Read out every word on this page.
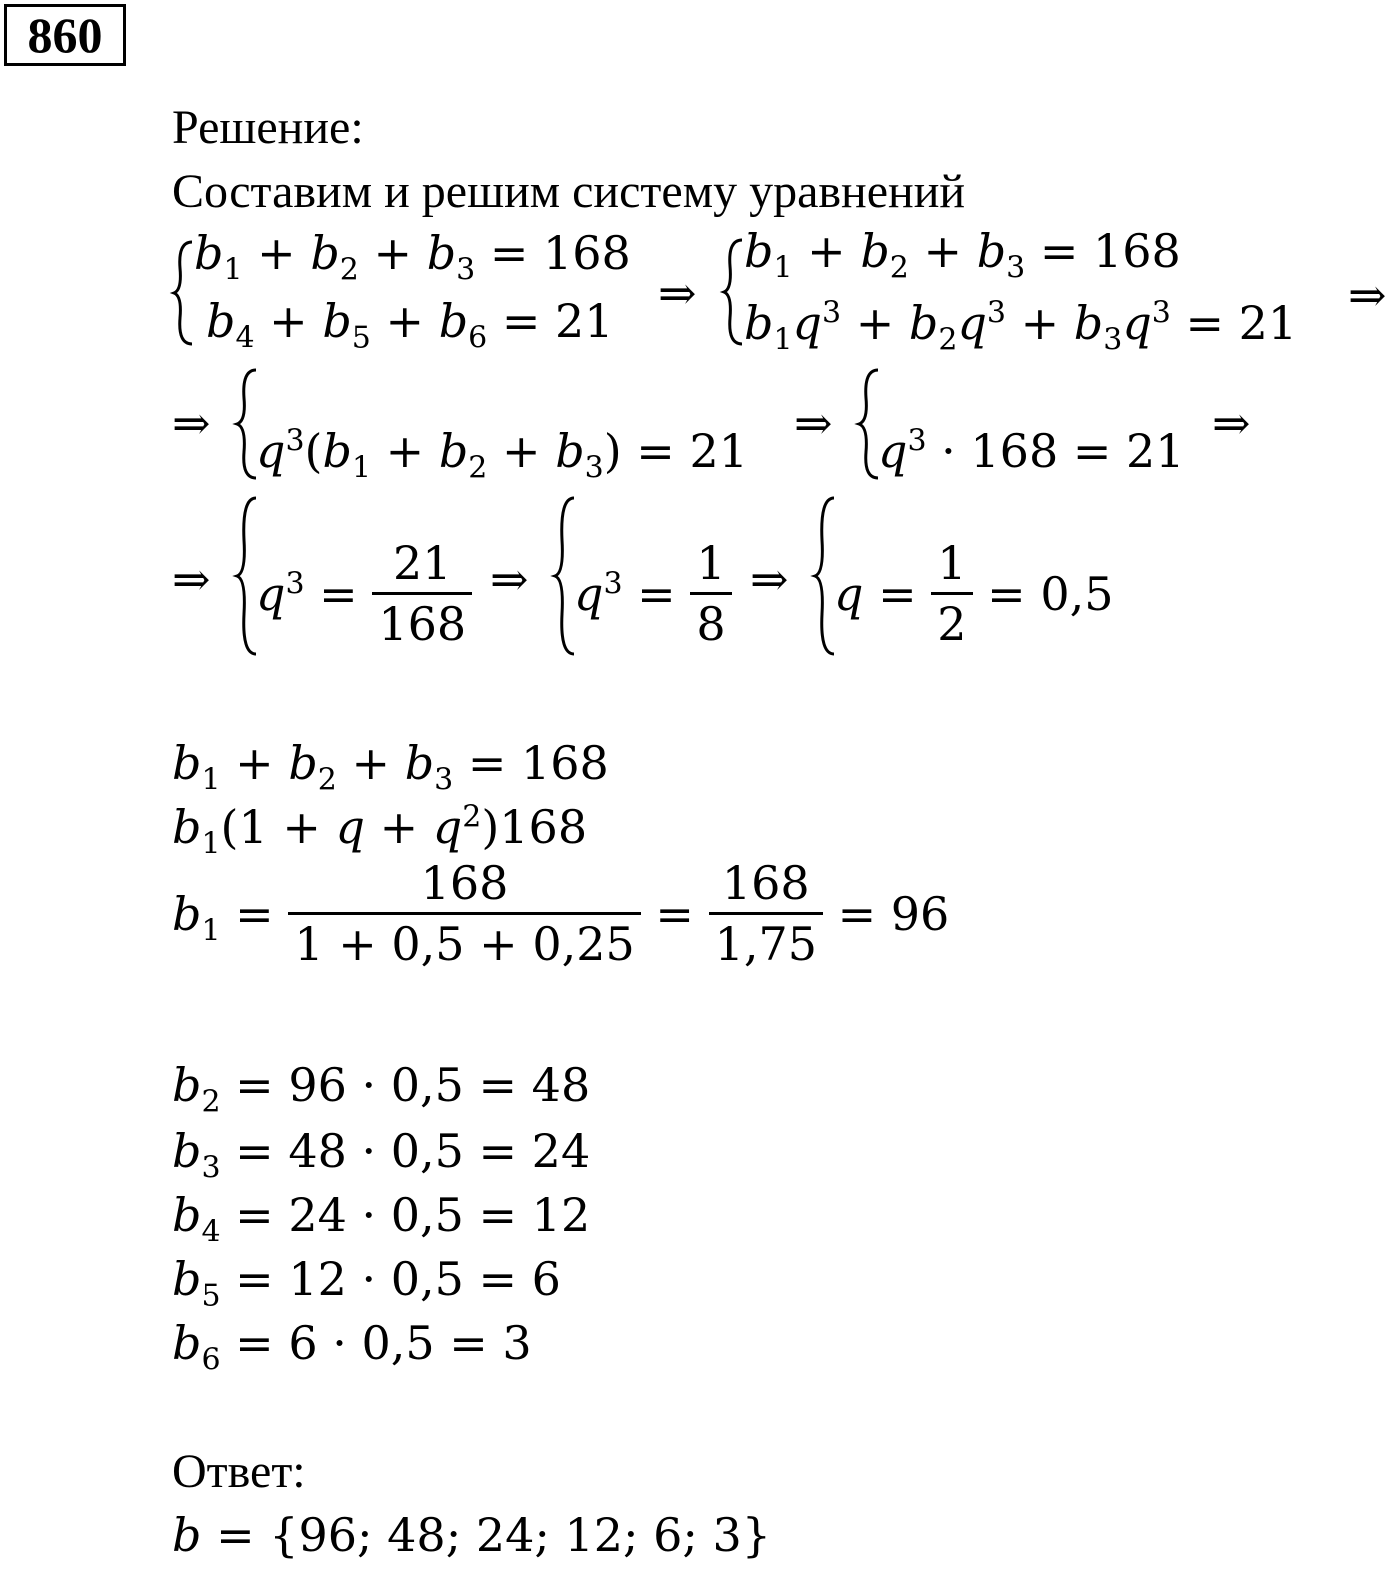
860
Решение:
Составим и решим систему уравнений
$b_1 + b_2 + b_3 = 168$
$b_4 + b_5 + b_6 = 21$
⇒
$b_1 + b_2 + b_3 = 168$
$b_1q^3 + b_2q^3 + b_3q^3 = 21$
⇒
⇒
$q^3(b_1 + b_2 + b_3) = 21$
⇒
$q^3 \cdot 168 = 21$
⇒
⇒ $q^3 = \frac{21}{168}$ ⇒ $q^3 = \frac{1}{8}$ ⇒ $q = \frac{1}{2}$
= 0,5
$b_1 + b_2 + b_3 = 168$
$b_1(1 + q + q^2)168$
$b_1 = \frac{168}{1 + 0,5 + 0,25}$
=
$\frac{168}{1,75}$
= 96
$b_2 = 96 \cdot 0,5 = 48$
$b_3 = 48 \cdot 0,5 = 24$
$b_4 = 24 \cdot 0,5 = 12$
$b_5 = 12 \cdot 0,5 = 6$
$b_6 = 6 \cdot 0,5 = 3$
Ответ:
b = {96; 48; 24; 12; 6; 3}
